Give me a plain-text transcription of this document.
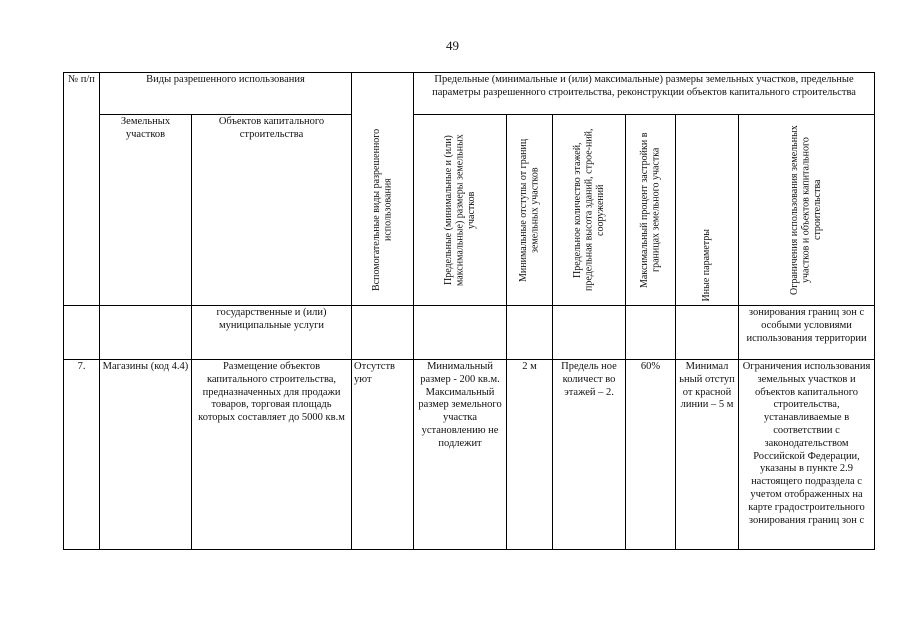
49
№ п/п	Виды разрешенного использования		Вспомогательные виды разрешенного использования	Предельные (минимальные и (или) максимальные) размеры земельных участков, предельные параметры разрешенного строительства, реконструкции объектов капитального строительства					
	Земельных участков	Объектов капитального строительства		Предельные (минимальные и (или) максимальные) размеры земельных участков	Минимальные отступы от границ земельных участков	Предельное количество этажей, предельная высота зданий, строе-ний, сооружений	Максимальный процент застройки в границах земельного участка	Иные параметры	Ограничения использования земельных участков и объектов капитального строительства

		государственные и (или) муниципальные услуги							зонирования границ зон с особыми условиями использования территории
7.	Магазины (код 4.4)	Размещение объектов капитального строительства, предназначенных для продажи товаров, торговая площадь которых составляет до 5000 кв.м	Отсутств уют	Минимальный размер - 200 кв.м. Максимальный размер земельного участка установлению не подлежит	2 м	Предель ное количест во этажей – 2.	60%	Минимал ьный отступ от красной линии – 5 м	Ограничения использования земельных участков и объектов капитального строительства, устанавливаемые в соответствии с законодательством Российской Федерации, указаны в пункте 2.9 настоящего подраздела с учетом отображенных на карте градостроительного зонирования границ зон с
